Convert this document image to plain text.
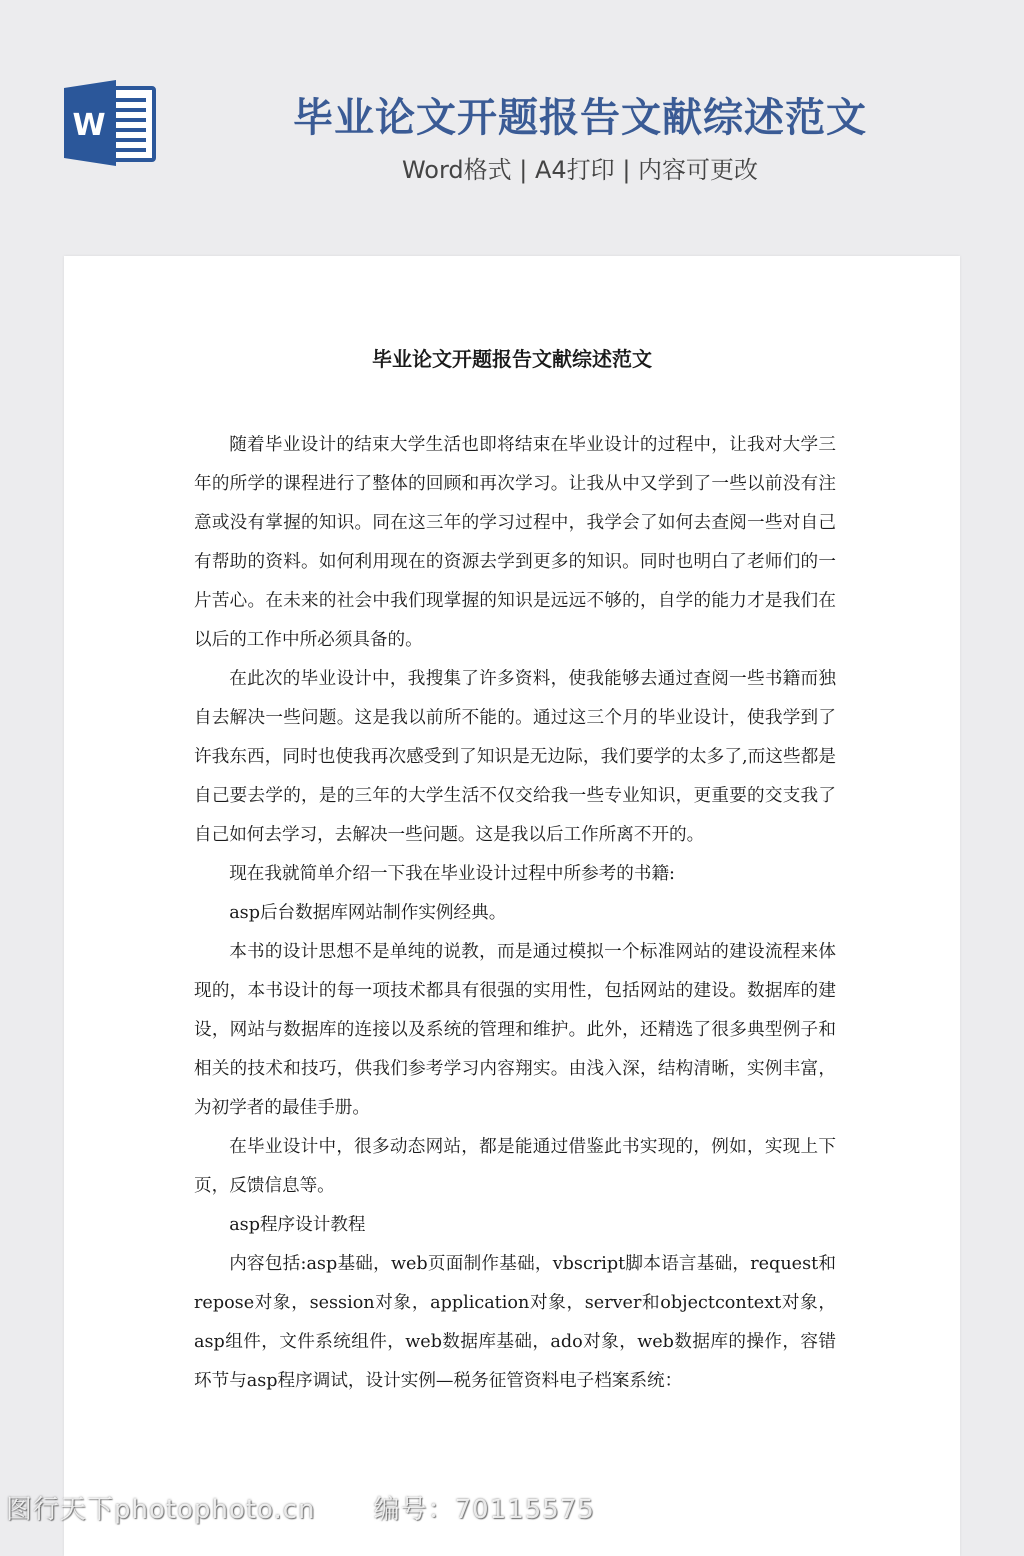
W	毕业论文开题报告文献综述范文
Word格式 | A4打印 | 内容可更改
毕业论文开题报告文献综述范文

随着毕业设计的结束大学生活也即将结束在毕业设计的过程中，让我对大学三年的所学的课程进行了整体的回顾和再次学习。让我从中又学到了一些以前没有注意或没有掌握的知识。同在这三年的学习过程中，我学会了如何去查阅一些对自己有帮助的资料。如何利用现在的资源去学到更多的知识。同时也明白了老师们的一片苦心。在未来的社会中我们现掌握的知识是远远不够的，自学的能力才是我们在以后的工作中所必须具备的。

在此次的毕业设计中，我搜集了许多资料，使我能够去通过查阅一些书籍而独自去解决一些问题。这是我以前所不能的。通过这三个月的毕业设计，使我学到了许我东西，同时也使我再次感受到了知识是无边际，我们要学的太多了,而这些都是自己要去学的，是的三年的大学生活不仅交给我一些专业知识，更重要的交支我了自己如何去学习，去解决一些问题。这是我以后工作所离不开的。

现在我就简单介绍一下我在毕业设计过程中所参考的书籍:

asp后台数据库网站制作实例经典。

本书的设计思想不是单纯的说教，而是通过模拟一个标准网站的建设流程来体现的，本书设计的每一项技术都具有很强的实用性，包括网站的建设。数据库的建设，网站与数据库的连接以及系统的管理和维护。此外，还精选了很多典型例子和相关的技术和技巧，供我们参考学习内容翔实。由浅入深，结构清晰，实例丰富，为初学者的最佳手册。

在毕业设计中，很多动态网站，都是能通过借鉴此书实现的，例如，实现上下页，反馈信息等。

asp程序设计教程

内容包括:asp基础，web页面制作基础，vbscript脚本语言基础，request和repose对象，session对象，application对象，server和objectcontext对象，asp组件，文件系统组件，web数据库基础，ado对象，web数据库的操作，容错环节与asp程序调试，设计实例—税务征管资料电子档案系统：

图行天下photophoto.cn 编号：70115575
